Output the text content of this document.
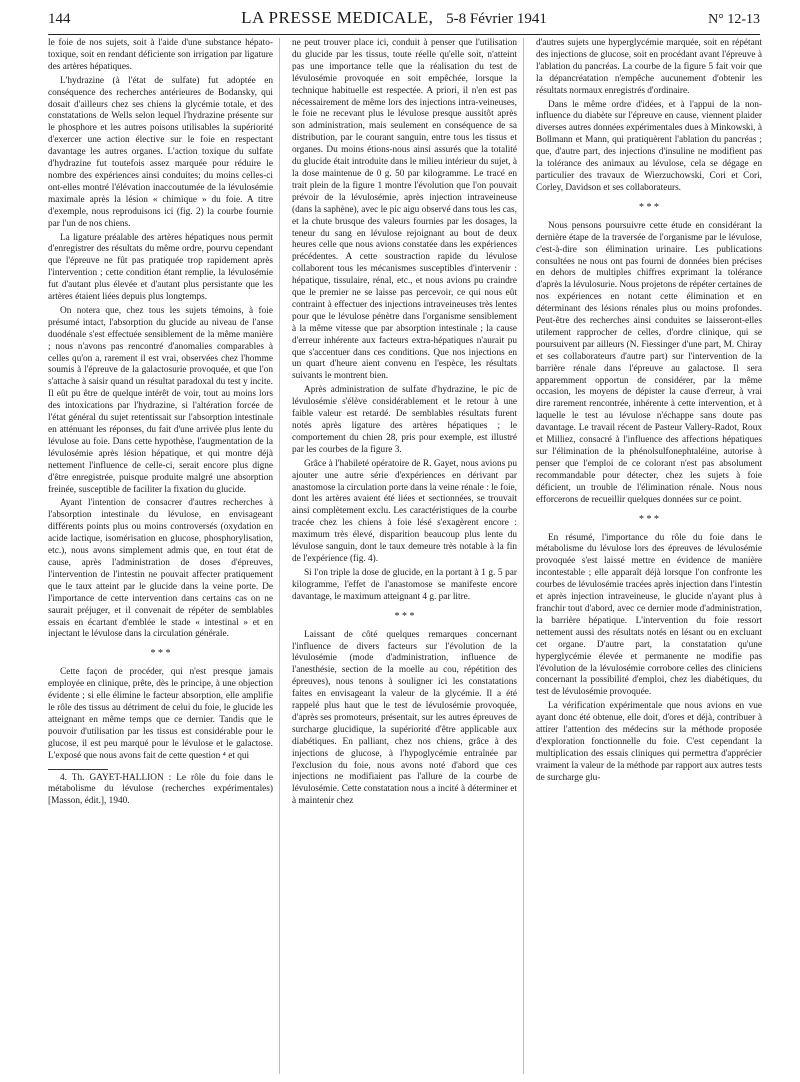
144	LA PRESSE MEDICALE, 5-8 Février 1941	N° 12-13

le foie de nos sujets, soit à l'aide d'une substance hépato-toxique, soit en rendant déficiente son irrigation par ligature des artères hépatiques.

L'hydrazine (à l'état de sulfate) fut adoptée en conséquence des recherches antérieures de Bodansky, qui dosait d'ailleurs chez ses chiens la glycémie totale, et des constatations de Wells selon lequel l'hydrazine présente sur le phosphore et les autres poisons utilisables la supériorité d'exercer une action élective sur le foie en respectant davantage les autres organes. L'action toxique du sulfate d'hydrazine fut toutefois assez marquée pour réduire le nombre des expériences ainsi conduites; du moins celles-ci ont-elles montré l'élévation inaccoutumée de la lévulosémie maximale après la lésion « chimique » du foie. A titre d'exemple, nous reproduisons ici (fig. 2) la courbe fournie par l'un de nos chiens.

La ligature préalable des artères hépatiques nous permit d'enregistrer des résultats du même ordre, pourvu cependant que l'épreuve ne fût pas pratiquée trop rapidement après l'intervention ; cette condition étant remplie, la lévulosémie fut d'autant plus élevée et d'autant plus persistante que les artères étaient liées depuis plus longtemps.

On notera que, chez tous les sujets témoins, à foie présumé intact, l'absorption du glucide au niveau de l'anse duodénale s'est effectuée sensiblement de la même manière ; nous n'avons pas rencontré d'anomalies comparables à celles qu'on a, rarement il est vrai, observées chez l'homme soumis à l'épreuve de la galactosurie provoquée, et que l'on s'attache à saisir quand un résultat paradoxal du test y incite. Il eût pu être de quelque intérêt de voir, tout au moins lors des intoxications par l'hydrazine, si l'altération forcée de l'état général du sujet retentissait sur l'absorption intestinale en atténuant les réponses, du fait d'une arrivée plus lente du lévulose au foie. Dans cette hypothèse, l'augmentation de la lévulosémie après lésion hépatique, et qui montre déjà nettement l'influence de celle-ci, serait encore plus digne d'être enregistrée, puisque produite malgré une absorption freinée, susceptible de faciliter la fixation du glucide.

Ayant l'intention de consacrer d'autres recherches à l'absorption intestinale du lévulose, en envisageant différents points plus ou moins controversés (oxydation en acide lactique, isomérisation en glucose, phosphorylisation, etc.), nous avons simplement admis que, en tout état de cause, après l'administration de doses d'épreuves, l'intervention de l'intestin ne pouvait affecter pratiquement que le taux atteint par le glucide dans la veine porte. De l'importance de cette intervention dans certains cas on ne saurait préjuger, et il convenait de répéter de semblables essais en écartant d'emblée le stade « intestinal » et en injectant le lévulose dans la circulation générale.

* * *

Cette façon de procéder, qui n'est presque jamais employée en clinique, prête, dès le principe, à une objection évidente ; si elle élimine le facteur absorption, elle amplifie le rôle des tissus au détriment de celui du foie, le glucide les atteignant en même temps que ce dernier. Tandis que le pouvoir d'utilisation par les tissus est considérable pour le glucose, il est peu marqué pour le lévulose et le galactose. L'exposé que nous avons fait de cette question ⁴ et qui

4. Th. GAYET-HALLION : Le rôle du foie dans le métabolisme du lévulose (recherches expérimentales) [Masson, édit.], 1940.

ne peut trouver place ici, conduit à penser que l'utilisation du glucide par les tissus, toute réelle qu'elle soit, n'atteint pas une importance telle que la réalisation du test de lévulosémie provoquée en soit empêchée, lorsque la technique habituelle est respectée. A priori, il n'en est pas nécessairement de même lors des injections intra-veineuses, le foie ne recevant plus le lévulose presque aussitôt après son administration, mais seulement en conséquence de sa distribution, par le courant sanguin, entre tous les tissus et organes. Du moins étions-nous ainsi assurés que la totalité du glucide était introduite dans le milieu intérieur du sujet, à la dose maintenue de 0 g. 50 par kilogramme. Le tracé en trait plein de la figure 1 montre l'évolution que l'on pouvait prévoir de la lévulosémie, après injection intraveineuse (dans la saphène), avec le pic aigu observé dans tous les cas, et la chute brusque des valeurs fournies par les dosages, la teneur du sang en lévulose rejoignant au bout de deux heures celle que nous avions constatée dans les expériences précédentes. A cette soustraction rapide du lévulose collaborent tous les mécanismes susceptibles d'intervenir : hépatique, tissulaire, rénal, etc., et nous avions pu craindre que le premier ne se laisse pas percevoir, ce qui nous eût contraint à effectuer des injections intraveineuses très lentes pour que le lévulose pénètre dans l'organisme sensiblement à la même vitesse que par absorption intestinale ; la cause d'erreur inhérente aux facteurs extra-hépatiques n'aurait pu que s'accentuer dans ces conditions. Que nos injections en un quart d'heure aient convenu en l'espèce, les résultats suivants le montrent bien.

Après administration de sulfate d'hydrazine, le pic de lévulosémie s'élève considérablement et le retour à une faible valeur est retardé. De semblables résultats furent notés après ligature des artères hépatiques ; le comportement du chien 28, pris pour exemple, est illustré par les courbes de la figure 3.

Grâce à l'habileté opératoire de R. Gayet, nous avions pu ajouter une autre série d'expériences en dérivant par anastomose la circulation porte dans la veine rénale : le foie, dont les artères avaient été liées et sectionnées, se trouvait ainsi complètement exclu. Les caractéristiques de la courbe tracée chez les chiens à foie lésé s'exagèrent encore : maximum très élevé, disparition beaucoup plus lente du lévulose sanguin, dont le taux demeure très notable à la fin de l'expérience (fig. 4).

Si l'on triple la dose de glucide, en la portant à 1 g. 5 par kilogramme, l'effet de l'anastomose se manifeste encore davantage, le maximum atteignant 4 g. par litre.

* * *

Laissant de côté quelques remarques concernant l'influence de divers facteurs sur l'évolution de la lévulosémie (mode d'administration, influence de l'anesthésie, section de la moelle au cou, répétition des épreuves), nous tenons à souligner ici les constatations faites en envisageant la valeur de la glycémie. Il a été rappelé plus haut que le test de lévulosémie provoquée, d'après ses promoteurs, présentait, sur les autres épreuves de surcharge glucidique, la supériorité d'être applicable aux diabétiques. En palliant, chez nos chiens, grâce à des injections de glucose, à l'hypoglycémie entraînée par l'exclusion du foie, nous avons noté d'abord que ces injections ne modifiaient pas l'allure de la courbe de lévulosémie. Cette constatation nous a incité à déterminer et à maintenir chez

d'autres sujets une hyperglycémie marquée, soit en répétant des injections de glucose, soit en procédant avant l'épreuve à l'ablation du pancréas. La courbe de la figure 5 fait voir que la dépancréatation n'empêche aucunement d'obtenir les résultats normaux enregistrés d'ordinaire.

Dans le même ordre d'idées, et à l'appui de la non-influence du diabète sur l'épreuve en cause, viennent plaider diverses autres données expérimentales dues à Minkowski, à Bollmann et Mann, qui pratiquèrent l'ablation du pancréas ; que, d'autre part, des injections d'insuline ne modifient pas la tolérance des animaux au lévulose, cela se dégage en particulier des travaux de Wierzuchowski, Cori et Cori, Corley, Davidson et ses collaborateurs.

* * *

Nous pensons poursuivre cette étude en considérant la dernière étape de la traversée de l'organisme par le lévulose, c'est-à-dire son élimination urinaire. Les publications consultées ne nous ont pas fourni de données bien précises en dehors de multiples chiffres exprimant la tolérance d'après la lévulosurie. Nous projetons de répéter certaines de nos expériences en notant cette élimination et en déterminant des lésions rénales plus ou moins profondes. Peut-être des recherches ainsi conduites se laisseront-elles utilement rapprocher de celles, d'ordre clinique, qui se poursuivent par ailleurs (N. Fiessinger d'une part, M. Chiray et ses collaborateurs d'autre part) sur l'intervention de la barrière rénale dans l'épreuve au galactose. Il sera apparemment opportun de considérer, par la même occasion, les moyens de dépister la cause d'erreur, à vrai dire rarement rencontrée, inhérente à cette intervention, et à laquelle le test au lévulose n'échappe sans doute pas davantage. Le travail récent de Pasteur Vallery-Radot, Roux et Milliez, consacré à l'influence des affections hépatiques sur l'élimination de la phénolsulfonephtaléine, autorise à penser que l'emploi de ce colorant n'est pas absolument recommandable pour détecter, chez les sujets à foie déficient, un trouble de l'élimination rénale. Nous nous efforcerons de recueillir quelques données sur ce point.

* * *

En résumé, l'importance du rôle du foie dans le métabolisme du lévulose lors des épreuves de lévulosémie provoquée s'est laissé mettre en évidence de manière incontestable ; elle apparaît déjà lorsque l'on confronte les courbes de lévulosémie tracées après injection dans l'intestin et après injection intraveineuse, le glucide n'ayant plus à franchir tout d'abord, avec ce dernier mode d'administration, la barrière hépatique. L'intervention du foie ressort nettement aussi des résultats notés en lésant ou en excluant cet organe. D'autre part, la constatation qu'une hyperglycémie élevée et permanente ne modifie pas l'évolution de la lévulosémie corrobore celles des cliniciens concernant la possibilité d'emploi, chez les diabétiques, du test de lévulosémie provoquée.

La vérification expérimentale que nous avions en vue ayant donc été obtenue, elle doit, d'ores et déjà, contribuer à attirer l'attention des médecins sur la méthode proposée d'exploration fonctionnelle du foie. C'est cependant la multiplication des essais cliniques qui permettra d'apprécier vraiment la valeur de la méthode par rapport aux autres tests de surcharge glu-
